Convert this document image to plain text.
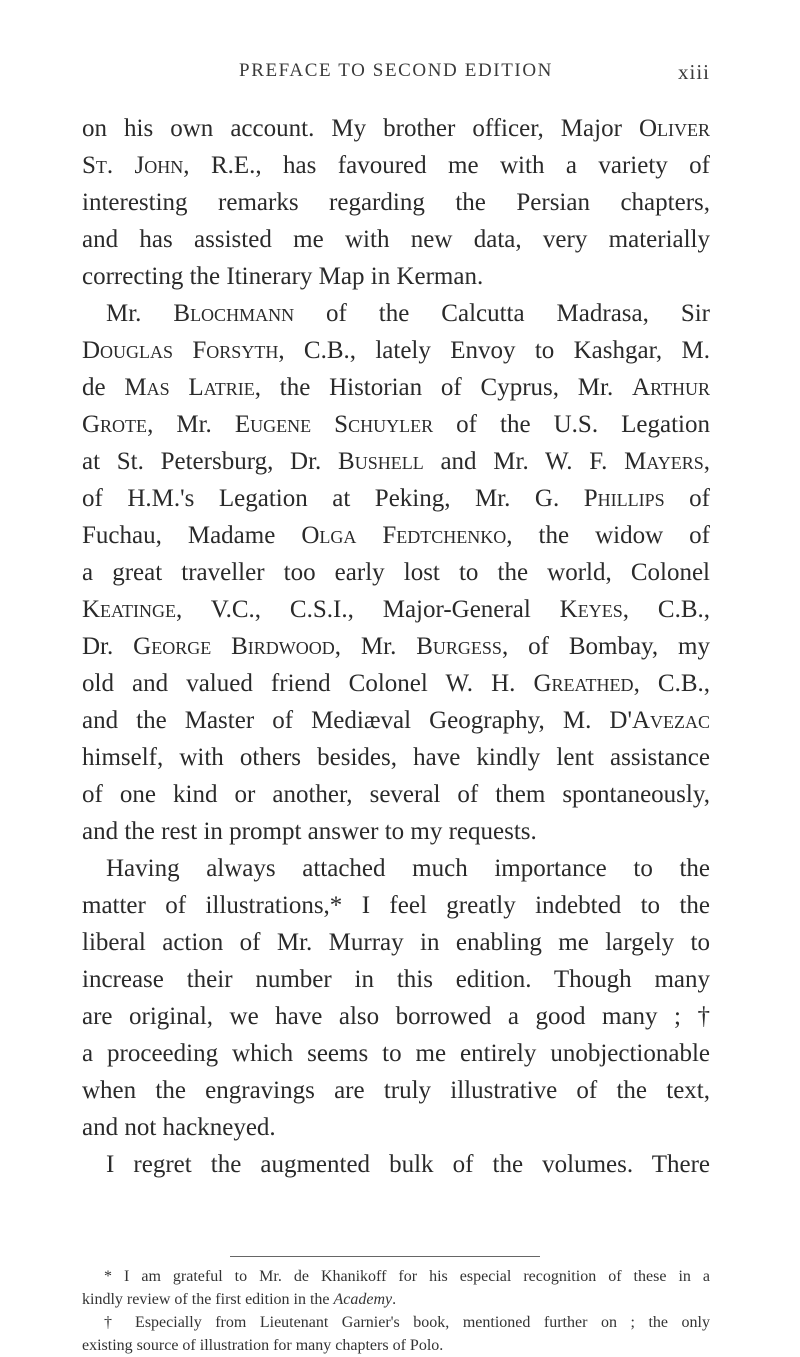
PREFACE TO SECOND EDITION	xiii
on his own account. My brother officer, Major Oliver
St. John, R.E., has favoured me with a variety of
interesting remarks regarding the Persian chapters,
and has assisted me with new data, very materially
correcting the Itinerary Map in Kerman.
Mr. Blochmann of the Calcutta Madrasa, Sir
Douglas Forsyth, C.B., lately Envoy to Kashgar, M.
de Mas Latrie, the Historian of Cyprus, Mr. Arthur
Grote, Mr. Eugene Schuyler of the U.S. Legation
at St. Petersburg, Dr. Bushell and Mr. W. F. Mayers,
of H.M.'s Legation at Peking, Mr. G. Phillips of
Fuchau, Madame Olga Fedtchenko, the widow of
a great traveller too early lost to the world, Colonel
Keatinge, V.C., C.S.I., Major-General Keyes, C.B.,
Dr. George Birdwood, Mr. Burgess, of Bombay, my
old and valued friend Colonel W. H. Greathed, C.B.,
and the Master of Mediæval Geography, M. D'Avezac
himself, with others besides, have kindly lent assistance
of one kind or another, several of them spontaneously,
and the rest in prompt answer to my requests.
Having always attached much importance to the
matter of illustrations,* I feel greatly indebted to the
liberal action of Mr. Murray in enabling me largely to
increase their number in this edition. Though many
are original, we have also borrowed a good many ; †
a proceeding which seems to me entirely unobjectionable
when the engravings are truly illustrative of the text,
and not hackneyed.
I regret the augmented bulk of the volumes. There
* I am grateful to Mr. de Khanikoff for his especial recognition of these in a
kindly review of the first edition in the Academy.
† Especially from Lieutenant Garnier's book, mentioned further on ; the only
existing source of illustration for many chapters of Polo.
